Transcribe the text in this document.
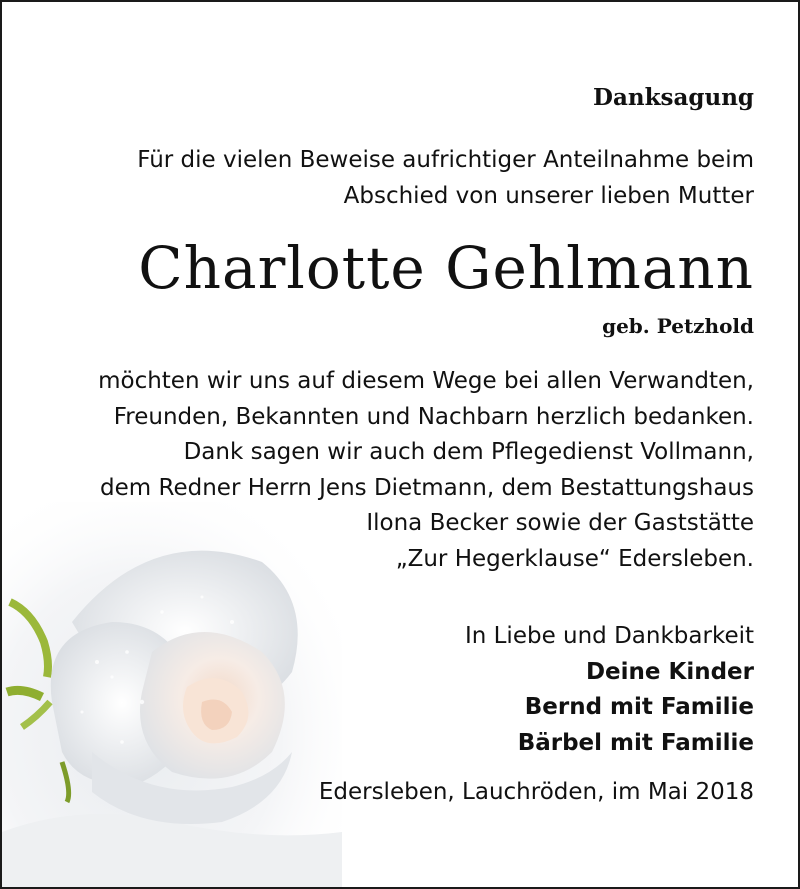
Danksagung
Für die vielen Beweise aufrichtiger Anteilnahme beim
Abschied von unserer lieben Mutter
Charlotte Gehlmann
geb. Petzhold
möchten wir uns auf diesem Wege bei allen Verwandten,
Freunden, Bekannten und Nachbarn herzlich bedanken.
Dank sagen wir auch dem Pflegedienst Vollmann,
dem Redner Herrn Jens Dietmann, dem Bestattungshaus
Ilona Becker sowie der Gaststätte
„Zur Hegerklause“ Edersleben.
In Liebe und Dankbarkeit
Deine Kinder
Bernd mit Familie
Bärbel mit Familie
Edersleben, Lauchröden, im Mai 2018
